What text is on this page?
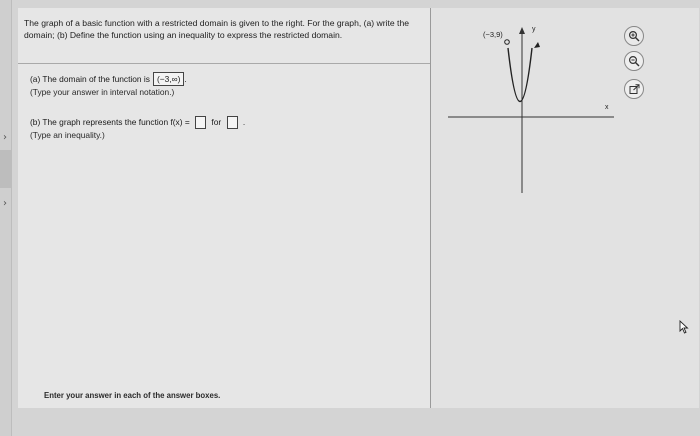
›
›
The graph of a basic function with a restricted domain is given to the right. For the graph, (a) write the domain; (b) Define the function using an inequality to express the restricted domain.
(a) The domain of the function is (−3,∞) .
(Type your answer in interval notation.)
(b) The graph represents the function f(x) =	for	.
(Type an inequality.)
Enter your answer in each of the answer boxes.
(−3,9)
y
x
